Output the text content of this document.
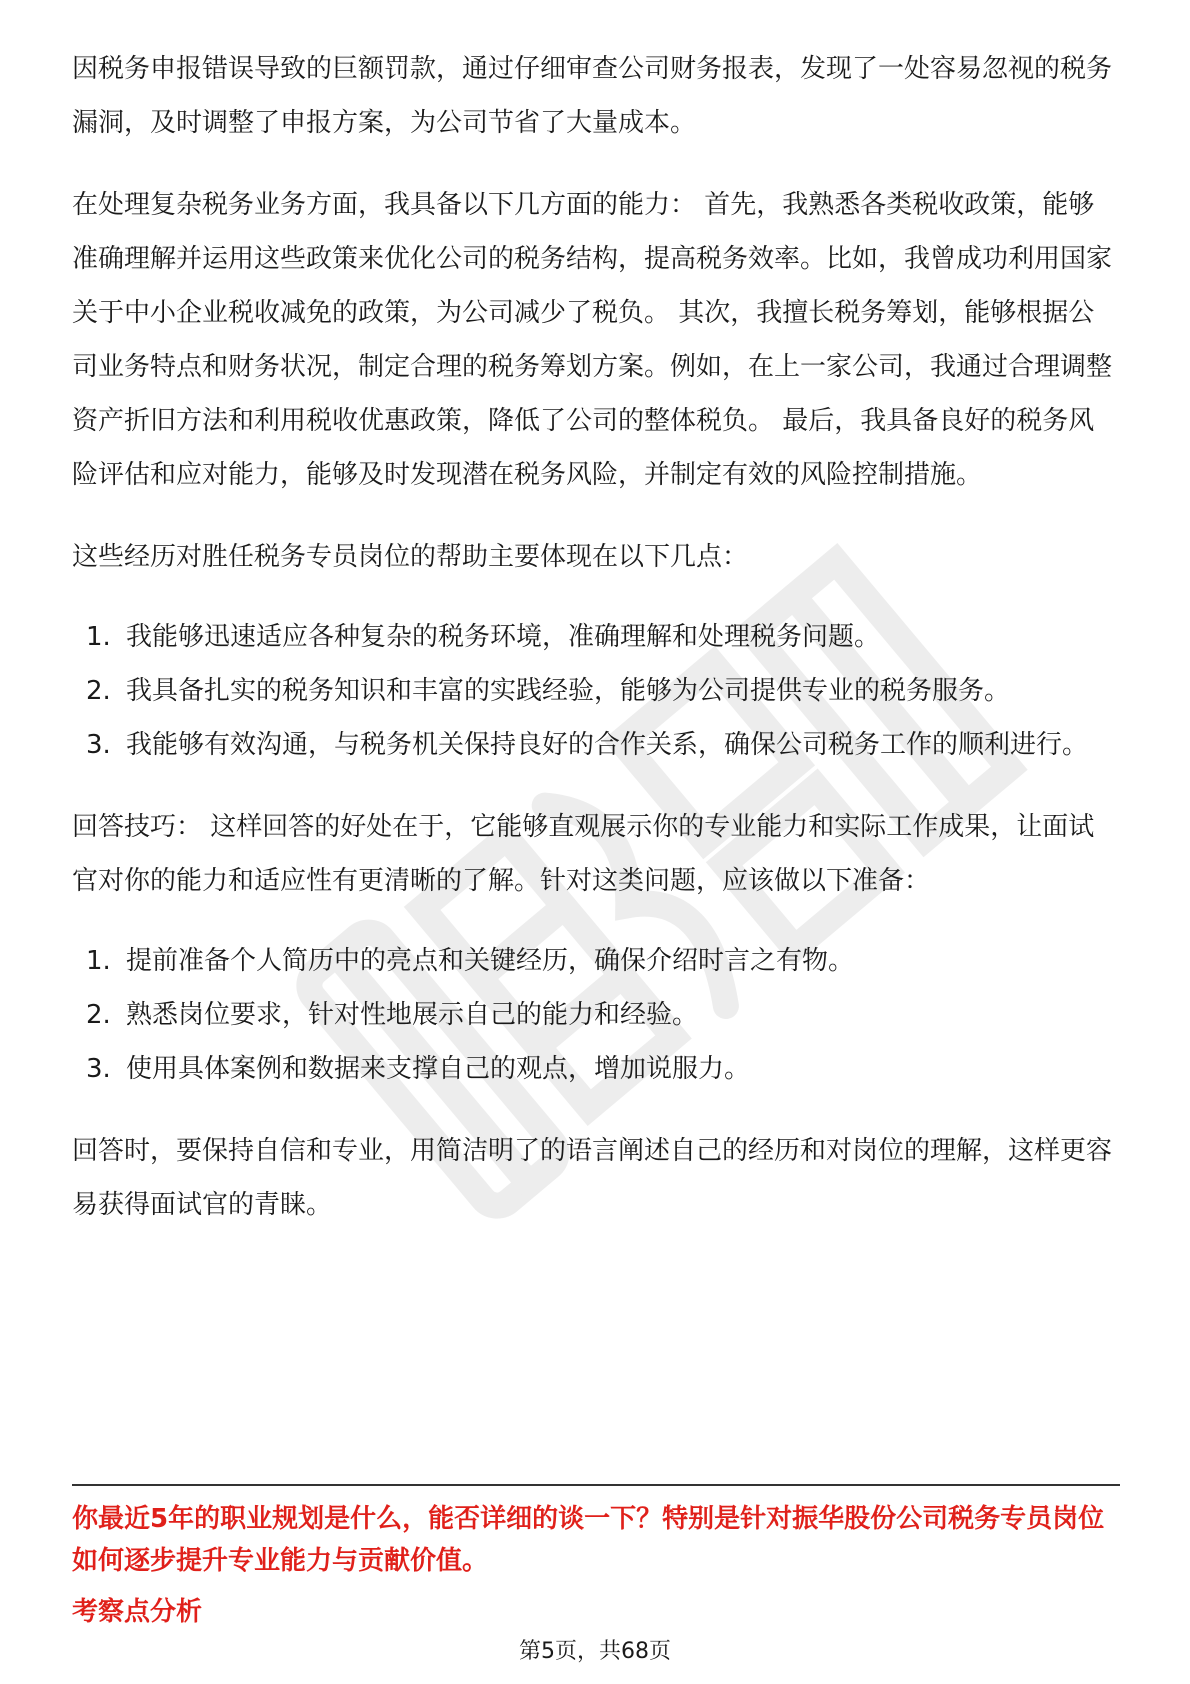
因税务申报错误导致的巨额罚款，通过仔细审查公司财务报表，发现了一处容易忽视的税务漏洞，及时调整了申报方案，为公司节省了大量成本。

在处理复杂税务业务方面，我具备以下几方面的能力： 首先，我熟悉各类税收政策，能够准确理解并运用这些政策来优化公司的税务结构，提高税务效率。比如，我曾成功利用国家关于中小企业税收减免的政策，为公司减少了税负。 其次，我擅长税务筹划，能够根据公司业务特点和财务状况，制定合理的税务筹划方案。例如，在上一家公司，我通过合理调整资产折旧方法和利用税收优惠政策，降低了公司的整体税负。 最后，我具备良好的税务风险评估和应对能力，能够及时发现潜在税务风险，并制定有效的风险控制措施。

这些经历对胜任税务专员岗位的帮助主要体现在以下几点：

1. 我能够迅速适应各种复杂的税务环境，准确理解和处理税务问题。
2. 我具备扎实的税务知识和丰富的实践经验，能够为公司提供专业的税务服务。
3. 我能够有效沟通，与税务机关保持良好的合作关系，确保公司税务工作的顺利进行。

回答技巧： 这样回答的好处在于，它能够直观展示你的专业能力和实际工作成果，让面试官对你的能力和适应性有更清晰的了解。针对这类问题，应该做以下准备：

1. 提前准备个人简历中的亮点和关键经历，确保介绍时言之有物。
2. 熟悉岗位要求，针对性地展示自己的能力和经验。
3. 使用具体案例和数据来支撑自己的观点，增加说服力。

回答时，要保持自信和专业，用简洁明了的语言阐述自己的经历和对岗位的理解，这样更容易获得面试官的青睐。

你最近5年的职业规划是什么，能否详细的谈一下？特别是针对振华股份公司税务专员岗位如何逐步提升专业能力与贡献价值。

考察点分析

第5页，共68页
